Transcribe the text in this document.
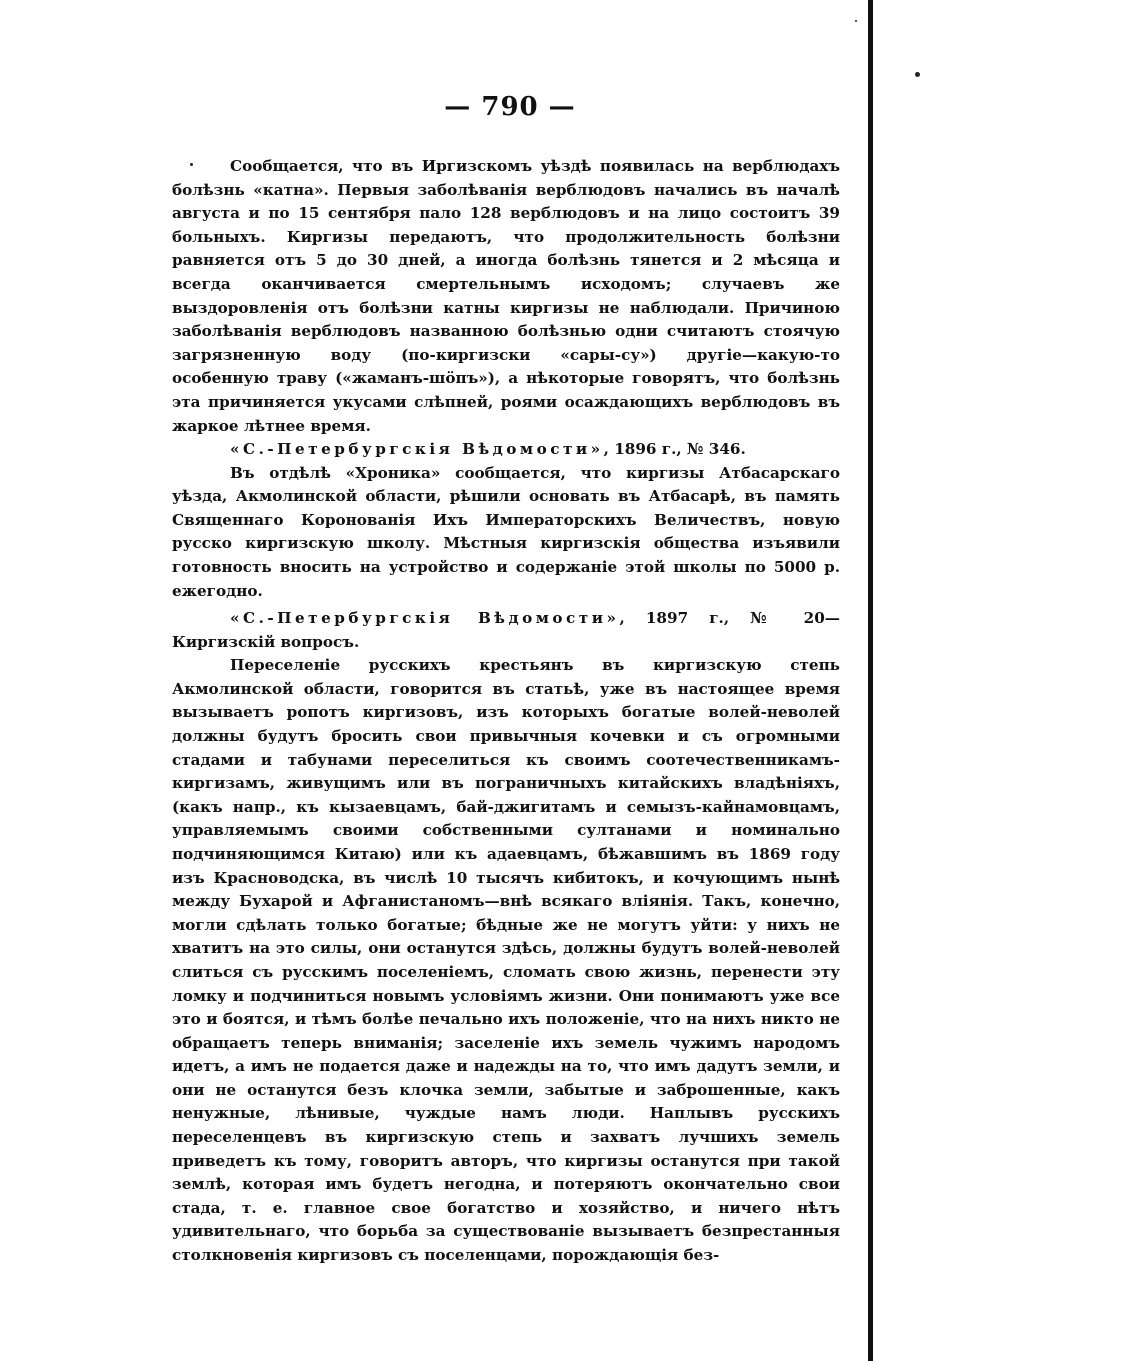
— 790 —

Сообщается, что въ Иргизскомъ уѣздѣ появилась на верблюдахъ болѣзнь «катна». Первыя заболѣванія верблюдовъ начались въ началѣ августа и по 15 сентября пало 128 верблюдовъ и на лицо состоитъ 39 больныхъ. Киргизы передаютъ, что продолжительность болѣзни равняется отъ 5 до 30 дней, а иногда болѣзнь тянется и 2 мѣсяца и всегда оканчивается смертельнымъ исходомъ; случаевъ же выздоровленія отъ болѣзни катны киргизы не наблюдали. Причиною заболѣванія верблюдовъ названною болѣзнью одни считаютъ стоячую загрязненную воду (по-киргизски «сары-су») другіе—какую-то особенную траву («жаманъ-шöпъ»), а нѣкоторые говорятъ, что болѣзнь эта причиняется укусами слѣпней, роями осаждающихъ верблюдовъ въ жаркое лѣтнее время.

«С.-Петербургскія Вѣдомости», 1896 г., № 346.

Въ отдѣлѣ «Хроника» сообщается, что киргизы Атбасарскаго уѣзда, Акмолинской области, рѣшили основать въ Атбасарѣ, въ память Священнаго Коронованія Ихъ Императорскихъ Величествъ, новую русско киргизскую школу. Мѣстныя киргизскія общества изъявили готовность вносить на устройство и содержаніе этой школы по 5000 р. ежегодно.

«С.-Петербургскія Вѣдомости», 1897 г., № 20—Киргизскій вопросъ.

Переселеніе русскихъ крестьянъ въ киргизскую степь Акмолинской области, говорится въ статьѣ, уже въ настоящее время вызываетъ ропотъ киргизовъ, изъ которыхъ богатые волей-неволей должны будутъ бросить свои привычныя кочевки и съ огромными стадами и табунами переселиться къ своимъ соотечественникамъ-киргизамъ, живущимъ или въ пограничныхъ китайскихъ владѣніяхъ, (какъ напр., къ кызаевцамъ, бай-джигитамъ и семызъ-кайнамовцамъ, управляемымъ своими собственными султанами и номинально подчиняющимся Китаю) или къ адаевцамъ, бѣжавшимъ въ 1869 году изъ Красноводска, въ числѣ 10 тысячъ кибитокъ, и кочующимъ нынѣ между Бухарой и Афганистаномъ—внѣ всякаго вліянія. Такъ, конечно, могли сдѣлать только богатые; бѣдные же не могутъ уйти: у нихъ не хватитъ на это силы, они останутся здѣсь, должны будутъ волей-неволей слиться съ русскимъ поселеніемъ, сломать свою жизнь, перенести эту ломку и подчиниться новымъ условіямъ жизни. Они понимаютъ уже все это и боятся, и тѣмъ болѣе печально ихъ положеніе, что на нихъ никто не обращаетъ теперь вниманія; заселеніе ихъ земель чужимъ народомъ идетъ, а имъ не подается даже и надежды на то, что имъ дадутъ земли, и они не останутся безъ клочка земли, забытые и заброшенные, какъ ненужные, лѣнивые, чуждые намъ люди. Наплывъ русскихъ переселенцевъ въ киргизскую степь и захватъ лучшихъ земель приведетъ къ тому, говоритъ авторъ, что киргизы останутся при такой землѣ, которая имъ будетъ негодна, и потеряютъ окончательно свои стада, т. е. главное свое богатство и хозяйство, и ничего нѣтъ удивительнаго, что борьба за существованіе вызываетъ безпрестанныя столкновенія киргизовъ съ поселенцами, порождающія без-
